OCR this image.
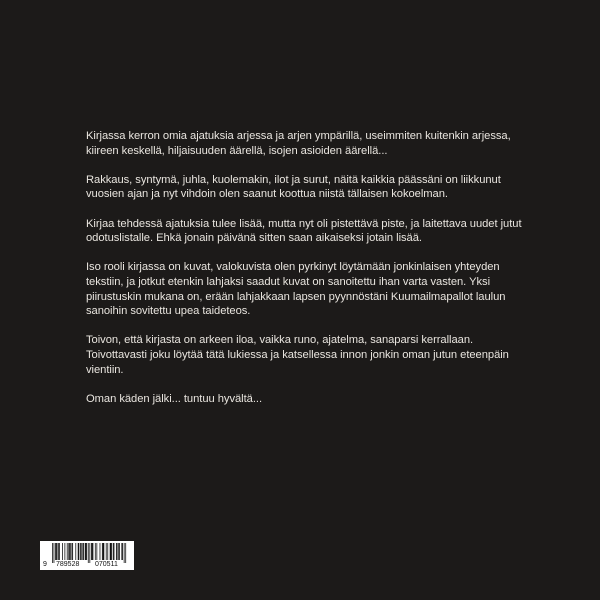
Kirjassa kerron omia ajatuksia arjessa ja arjen ympärillä, useimmiten kuitenkin arjessa, kiireen keskellä, hiljaisuuden äärellä, isojen asioiden äärellä...

Rakkaus, syntymä, juhla, kuolemakin, ilot ja surut, näitä kaikkia päässäni on liikkunut vuosien ajan ja nyt vihdoin olen saanut koottua niistä tällaisen kokoelman.

Kirjaa tehdessä ajatuksia tulee lisää, mutta nyt oli pistettävä piste, ja laitettava uudet jutut odotuslistalle. Ehkä jonain päivänä sitten saan aikaiseksi jotain lisää.

Iso rooli kirjassa on kuvat, valokuvista olen pyrkinyt löytämään jonkinlaisen yhteyden tekstiin, ja jotkut etenkin lahjaksi saadut kuvat on sanoitettu ihan varta vasten. Yksi piirustuskin mukana on, erään lahjakkaan lapsen pyynnöstäni Kuumailmapallot laulun sanoihin sovitettu upea taideteos.

Toivon, että kirjasta on arkeen iloa, vaikka runo, ajatelma, sanaparsi kerrallaan. Toivottavasti joku löytää tätä lukiessa ja katsellessa innon jonkin oman jutun eteenpäin vientiin.

Oman käden jälki... tuntuu hyvältä...

9 789528 070511
